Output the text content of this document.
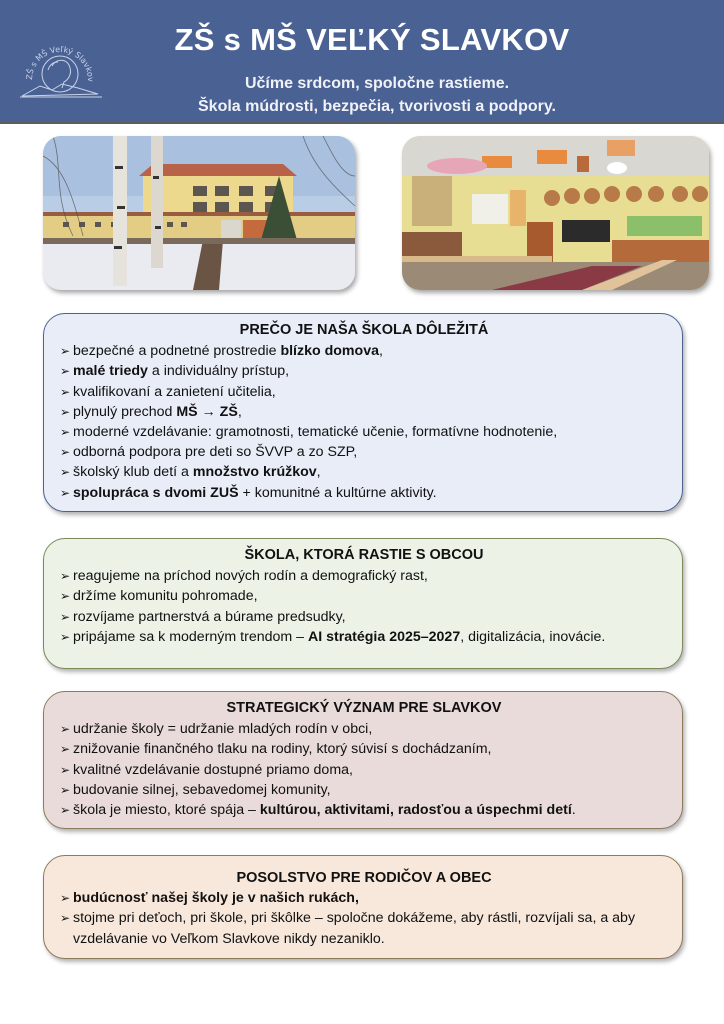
ZŠ s MŠ Veľký Slavkov
ZŠ s MŠ VEĽKÝ SLAVKOV
Učíme srdcom, spoločne rastieme.
Škola múdrosti, bezpečia, tvorivosti a podpory.
PREČO JE NAŠA ŠKOLA DÔLEŽITÁ
➢ bezpečné a podnetné prostredie blízko domova,
➢ malé triedy a individuálny prístup,
➢ kvalifikovaní a zanietení učitelia,
➢ plynulý prechod MŠ → ZŠ,
➢ moderné vzdelávanie: gramotnosti, tematické učenie, formatívne hodnotenie,
➢ odborná podpora pre deti so ŠVVP a zo SZP,
➢ školský klub detí a množstvo krúžkov,
➢ spolupráca s dvomi ZUŠ + komunitné a kultúrne aktivity.
ŠKOLA, KTORÁ RASTIE S OBCOU
➢ reagujeme na príchod nových rodín a demografický rast,
➢ držíme komunitu pohromade,
➢ rozvíjame partnerstvá a búrame predsudky,
➢ pripájame sa k moderným trendom – AI stratégia 2025–2027, digitalizácia, inovácie.
STRATEGICKÝ VÝZNAM PRE SLAVKOV
➢ udržanie školy = udržanie mladých rodín v obci,
➢ znižovanie finančného tlaku na rodiny, ktorý súvisí s dochádzaním,
➢ kvalitné vzdelávanie dostupné priamo doma,
➢ budovanie silnej, sebavedomej komunity,
➢ škola je miesto, ktoré spája – kultúrou, aktivitami, radosťou a úspechmi detí.
POSOLSTVO PRE RODIČOV A OBEC
➢ budúcnosť našej školy je v našich rukách,
➢ stojme pri deťoch, pri škole, pri škôlke – spoločne dokážeme, aby rástli, rozvíjali sa, a aby vzdelávanie vo Veľkom Slavkove nikdy nezaniklo.
